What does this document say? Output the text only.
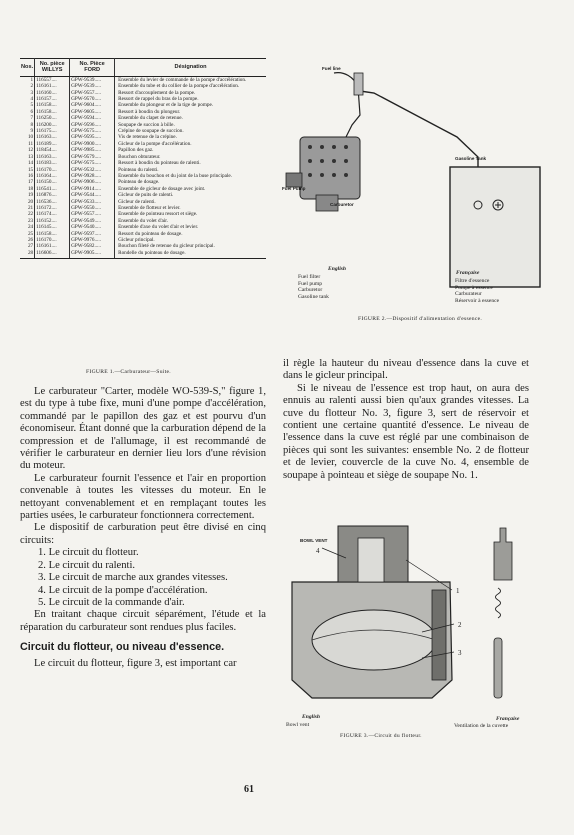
Nos.	No. pièce WILLYS	No. Pièce FORD	Désignation
1	116557....	GPW-9539.....	Ensemble du levier de commande de la pompe d'accélération.
2	116161....	GPW-9539.....	Ensemble du tube et du collier de la pompe d'accélération.
3	116160....	GPW-9557.....	Ressort d'accouplement de la pompe.
4	116157....	GPW-9570.....	Ressort de rappel du bras de la pompe.
5	116158....	GPW-9604.....	Ensemble du plongeur et de la tige de pompe.
6	116158....	GPW-9605.....	Ressort à boudin du plongeur.
7	116250....	GPW-9594.....	Ensemble du clapet de retenue.
8	116200....	GPW-9596.....	Soupape de succion à bille.
9	116175....	GPW-9575.....	Crépine de soupape de succion.
10	116163....	GPW-9595.....	Vis de retenue de la crépine.
11	116189....	GPW-9900.....	Gicleur de la pompe d'accélération.
12	118454....	GPW-9985.....	Papillon des gaz.
13	116163....	GPW-9579.....	Bouchon obturateur.
14	116183....	GPW-9575.....	Ressort à boudin du pointeau de ralenti.
15	116170....	GPW-9532.....	Pointeau du ralenti.
16	116164....	GPW-9928.....	Ensemble du bouchon et du joint de la buse principale.
17	116150....	GPW-9906.....	Pointeau de dosage.
18	116541....	GPW-9914.....	Ensemble de gicleur de dosage avec joint.
19	116876....	GPW-9544.....	Gicleur de puits de ralenti.
20	116536....	GPW-9533.....	Gicleur de ralenti.
21	116172....	GPW-9550.....	Ensemble de flotteur et levier.
22	116174....	GPW-9557.....	Ensemble de pointeau ressort et siège.
23	116152....	GPW-9549.....	Ensemble du volet d'air.
24	116145....	GPW-9540.....	Ensemble d'axe du volet d'air et levier.
25	116158....	GPW-9597.....	Ressort du pointeau de dosage.
26	116170....	GPW-9976.....	Gicleur principal.
27	116161....	GPW-9582.....	Bouchon fileté de retenue du gicleur principal.
28	116606....	GPW-9905.....	Rondelle du pointeau de dosage.
FIGURE 1.—Carburateur—Suite.
Fuel line
Fuel Pump
Carburetor
Gasoline Tank
English
Française
Fuel filter
Fuel pump
Carburetor
Gasoline tank
Filtre d'essence
Pompe à essence
Carburateur
Réservoir à essence
FIGURE 2.—Dispositif d'alimentation d'essence.

Le carburateur "Carter, modèle WO-539-S," figure 1, est du type à tube fixe, muni d'une pompe d'accélération, commandé par le papillon des gaz et est pourvu d'un économiseur. Étant donné que la carburation dépend de la compression et de l'allumage, il est recommandé de vérifier le carburateur en dernier lieu lors d'une révision du moteur.

Le carburateur fournit l'essence et l'air en proportion convenable à toutes les vitesses du moteur. En le nettoyant convenablement et en remplaçant toutes les parties usées, le carburateur fonctionnera correctement.

Le dispositif de carburation peut être divisé en cinq circuits:

1. Le circuit du flotteur.
2. Le circuit du ralenti.
3. Le circuit de marche aux grandes vitesses.
4. Le circuit de la pompe d'accélération.
5. Le circuit de la commande d'air.

En traitant chaque circuit séparément, l'étude et la réparation du carburateur sont rendues plus faciles.

Circuit du flotteur, ou niveau d'essence.

Le circuit du flotteur, figure 3, est important car

il règle la hauteur du niveau d'essence dans la cuve et dans le gicleur principal.

Si le niveau de l'essence est trop haut, on aura des ennuis au ralenti aussi bien qu'aux grandes vitesses. La cuve du flotteur No. 3, figure 3, sert de réservoir et contient une certaine quantité d'essence. Le niveau de l'essence dans la cuve est réglé par une combinaison de pièces qui sont les suivantes: ensemble No. 2 de flotteur et de levier, couvercle de la cuve No. 4, ensemble de soupape à pointeau et siège de soupape No. 1.

BOWL VENT
1
2
3
4
English	Française
Bowl vent	Ventilation de la cuvette
FIGURE 3.—Circuit du flotteur.
61
